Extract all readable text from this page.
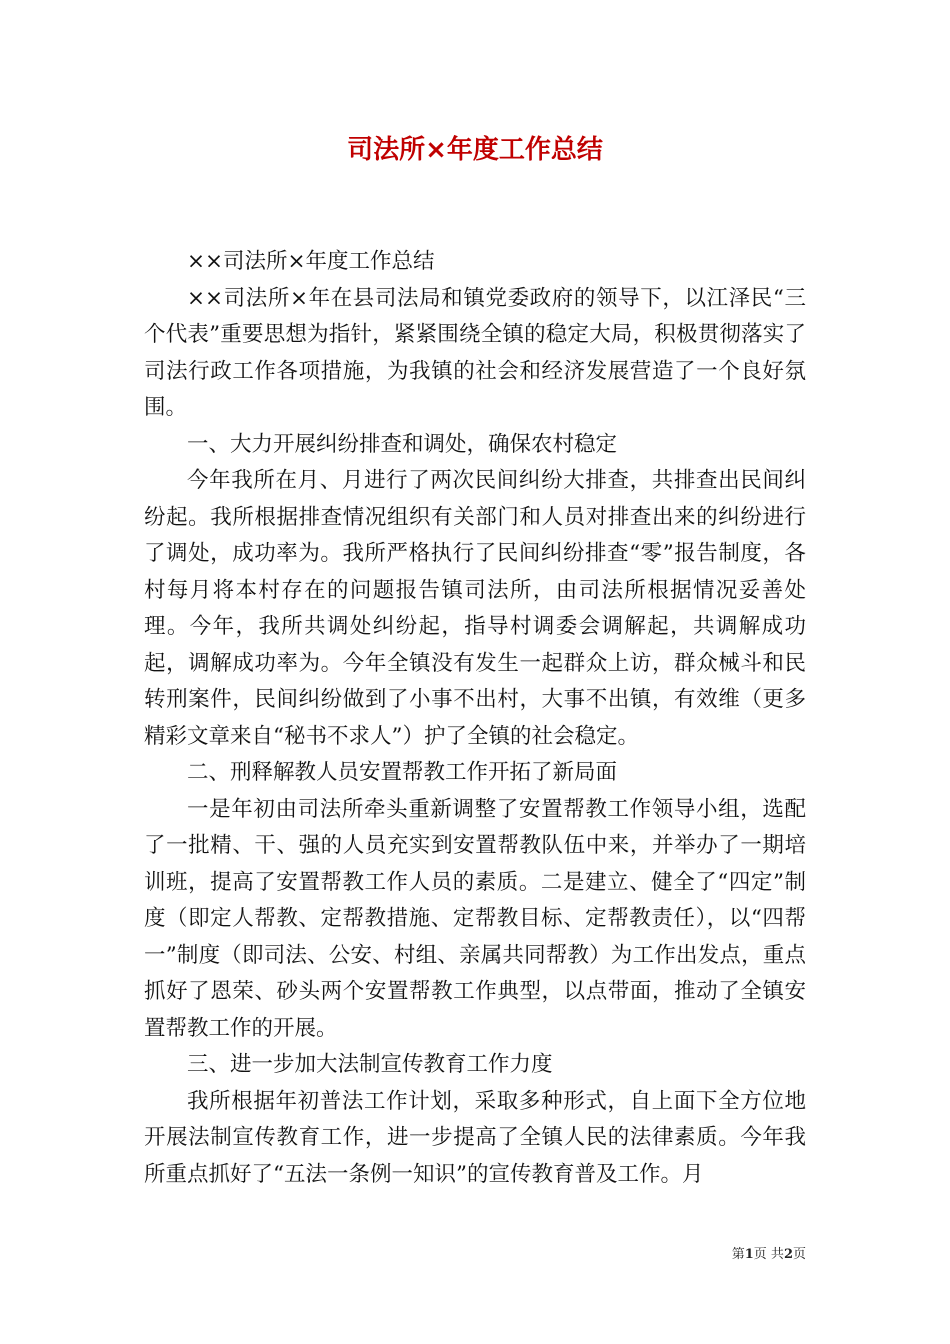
司法所×年度工作总结

××司法所×年度工作总结

××司法所×年在县司法局和镇党委政府的领导下，以江泽民“三个代表”重要思想为指针，紧紧围绕全镇的稳定大局，积极贯彻落实了司法行政工作各项措施，为我镇的社会和经济发展营造了一个良好氛围。

一、大力开展纠纷排查和调处，确保农村稳定

今年我所在月、月进行了两次民间纠纷大排查，共排查出民间纠纷起。我所根据排查情况组织有关部门和人员对排查出来的纠纷进行了调处，成功率为。我所严格执行了民间纠纷排查“零”报告制度，各村每月将本村存在的问题报告镇司法所，由司法所根据情况妥善处理。今年，我所共调处纠纷起，指导村调委会调解起，共调解成功起，调解成功率为。今年全镇没有发生一起群众上访，群众械斗和民转刑案件，民间纠纷做到了小事不出村，大事不出镇，有效维（更多精彩文章来自“秘书不求人”）护了全镇的社会稳定。

二、刑释解教人员安置帮教工作开拓了新局面

一是年初由司法所牵头重新调整了安置帮教工作领导小组，选配了一批精、干、强的人员充实到安置帮教队伍中来，并举办了一期培训班，提高了安置帮教工作人员的素质。二是建立、健全了“四定”制度（即定人帮教、定帮教措施、定帮教目标、定帮教责任），以“四帮一”制度（即司法、公安、村组、亲属共同帮教）为工作出发点，重点抓好了恩荣、砂头两个安置帮教工作典型，以点带面，推动了全镇安置帮教工作的开展。

三、进一步加大法制宣传教育工作力度

我所根据年初普法工作计划，采取多种形式，自上面下全方位地开展法制宣传教育工作，进一步提高了全镇人民的法律素质。今年我所重点抓好了“五法一条例一知识”的宣传教育普及工作。月

第1页 共2页
